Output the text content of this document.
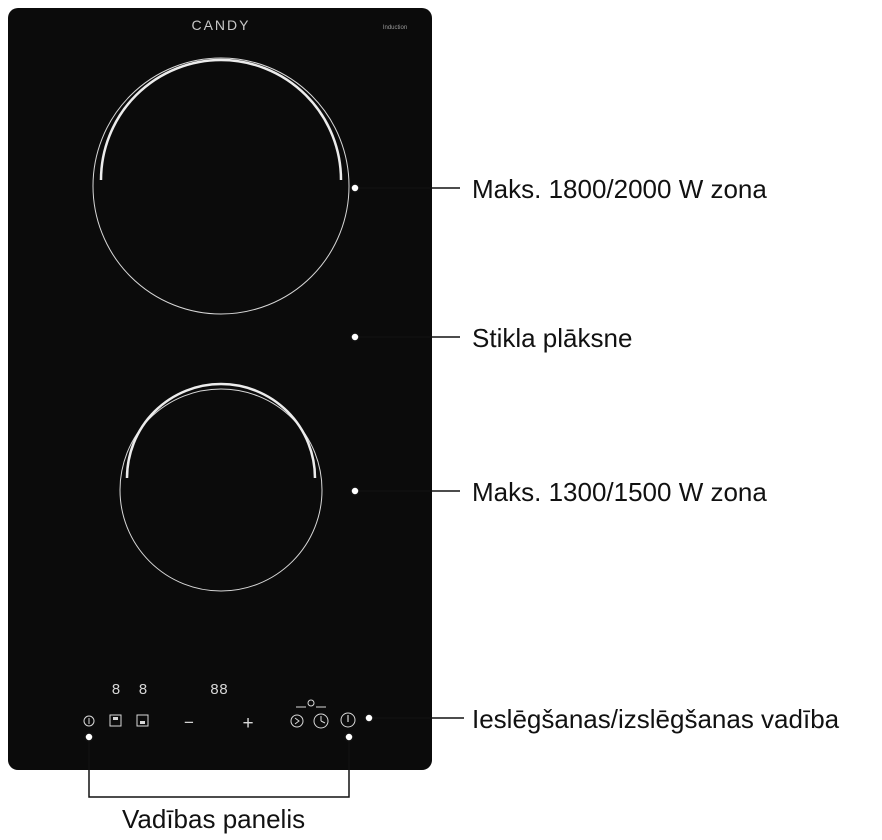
CANDY	Induction
8 8	88
−	+
Maks. 1800/2000 W zona
Stikla plāksne
Maks. 1300/1500 W zona
Ieslēgšanas/izslēgšanas vadība
Vadības panelis
